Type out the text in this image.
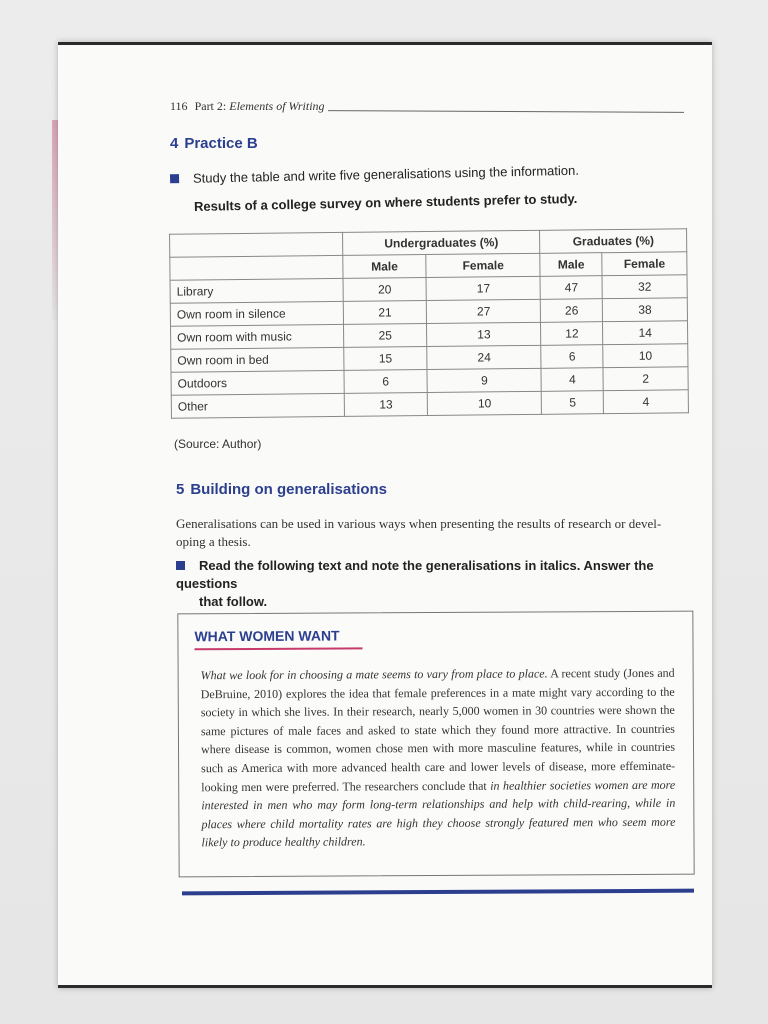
116 Part 2: Elements of Writing
4 Practice B
Study the table and write five generalisations using the information.
Results of a college survey on where students prefer to study.
	Undergraduates (%)		Graduates (%)	
	Male	Female	Male	Female
Library	20	17	47	32
Own room in silence	21	27	26	38
Own room with music	25	13	12	14
Own room in bed	15	24	6	10
Outdoors	6	9	4	2
Other	13	10	5	4
(Source: Author)
5 Building on generalisations
Generalisations can be used in various ways when presenting the results of research or devel-
oping a thesis.
Read the following text and note the generalisations in italics. Answer the questions
that follow.
WHAT WOMEN WANT
What we look for in choosing a mate seems to vary from place to place. A recent study (Jones and DeBruine, 2010) explores the idea that female preferences in a mate might vary according to the society in which she lives. In their research, nearly 5,000 women in 30 countries were shown the same pictures of male faces and asked to state which they found more attractive. In countries where disease is common, women chose men with more masculine features, while in countries such as America with more advanced health care and lower levels of disease, more effeminate-looking men were preferred. The researchers conclude that in healthier societies women are more interested in men who may form long-term relationships and help with child-rearing, while in places where child mortality rates are high they choose strongly featured men who seem more likely to produce healthy children.
